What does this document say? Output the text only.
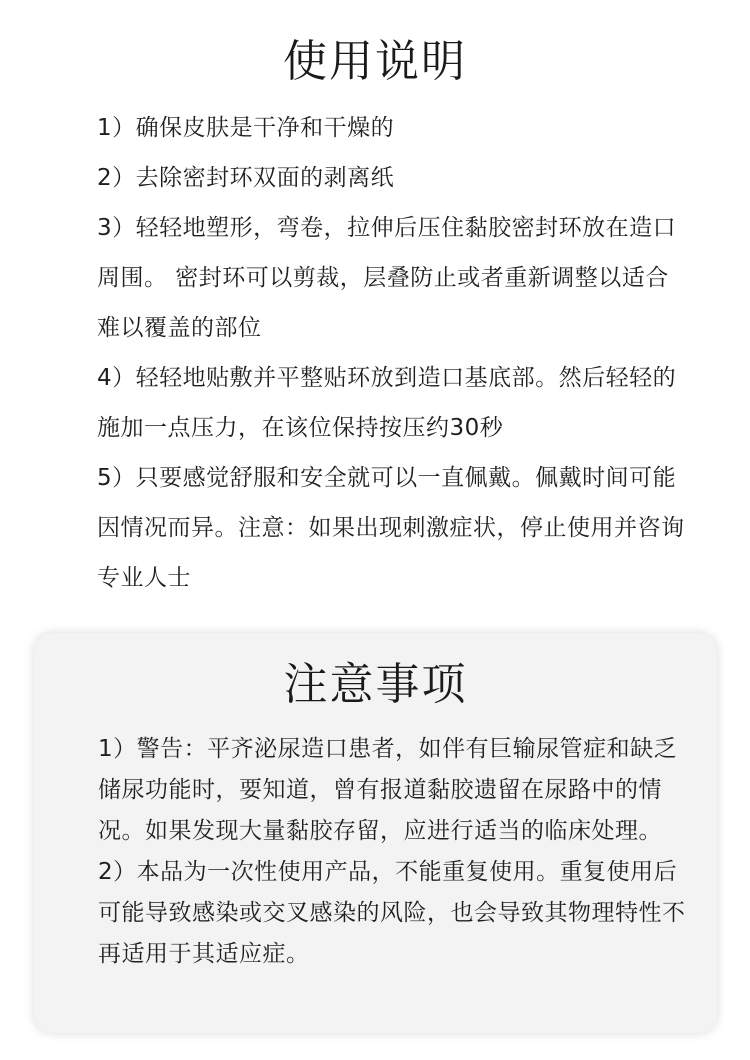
使用说明

1）确保皮肤是干净和干燥的

2）去除密封环双面的剥离纸

3）轻轻地塑形，弯卷，拉伸后压住黏胶密封环放在造口周围。 密封环可以剪裁，层叠防止或者重新调整以适合难以覆盖的部位

4）轻轻地贴敷并平整贴环放到造口基底部。然后轻轻的施加一点压力，在该位保持按压约30秒

5）只要感觉舒服和安全就可以一直佩戴。佩戴时间可能因情况而异。注意：如果出现刺激症状，停止使用并咨询专业人士

注意事项

1）警告：平齐泌尿造口患者，如伴有巨输尿管症和缺乏储尿功能时，要知道，曾有报道黏胶遗留在尿路中的情况。如果发现大量黏胶存留，应进行适当的临床处理。

2）本品为一次性使用产品，不能重复使用。重复使用后可能导致感染或交叉感染的风险，也会导致其物理特性不再适用于其适应症。
